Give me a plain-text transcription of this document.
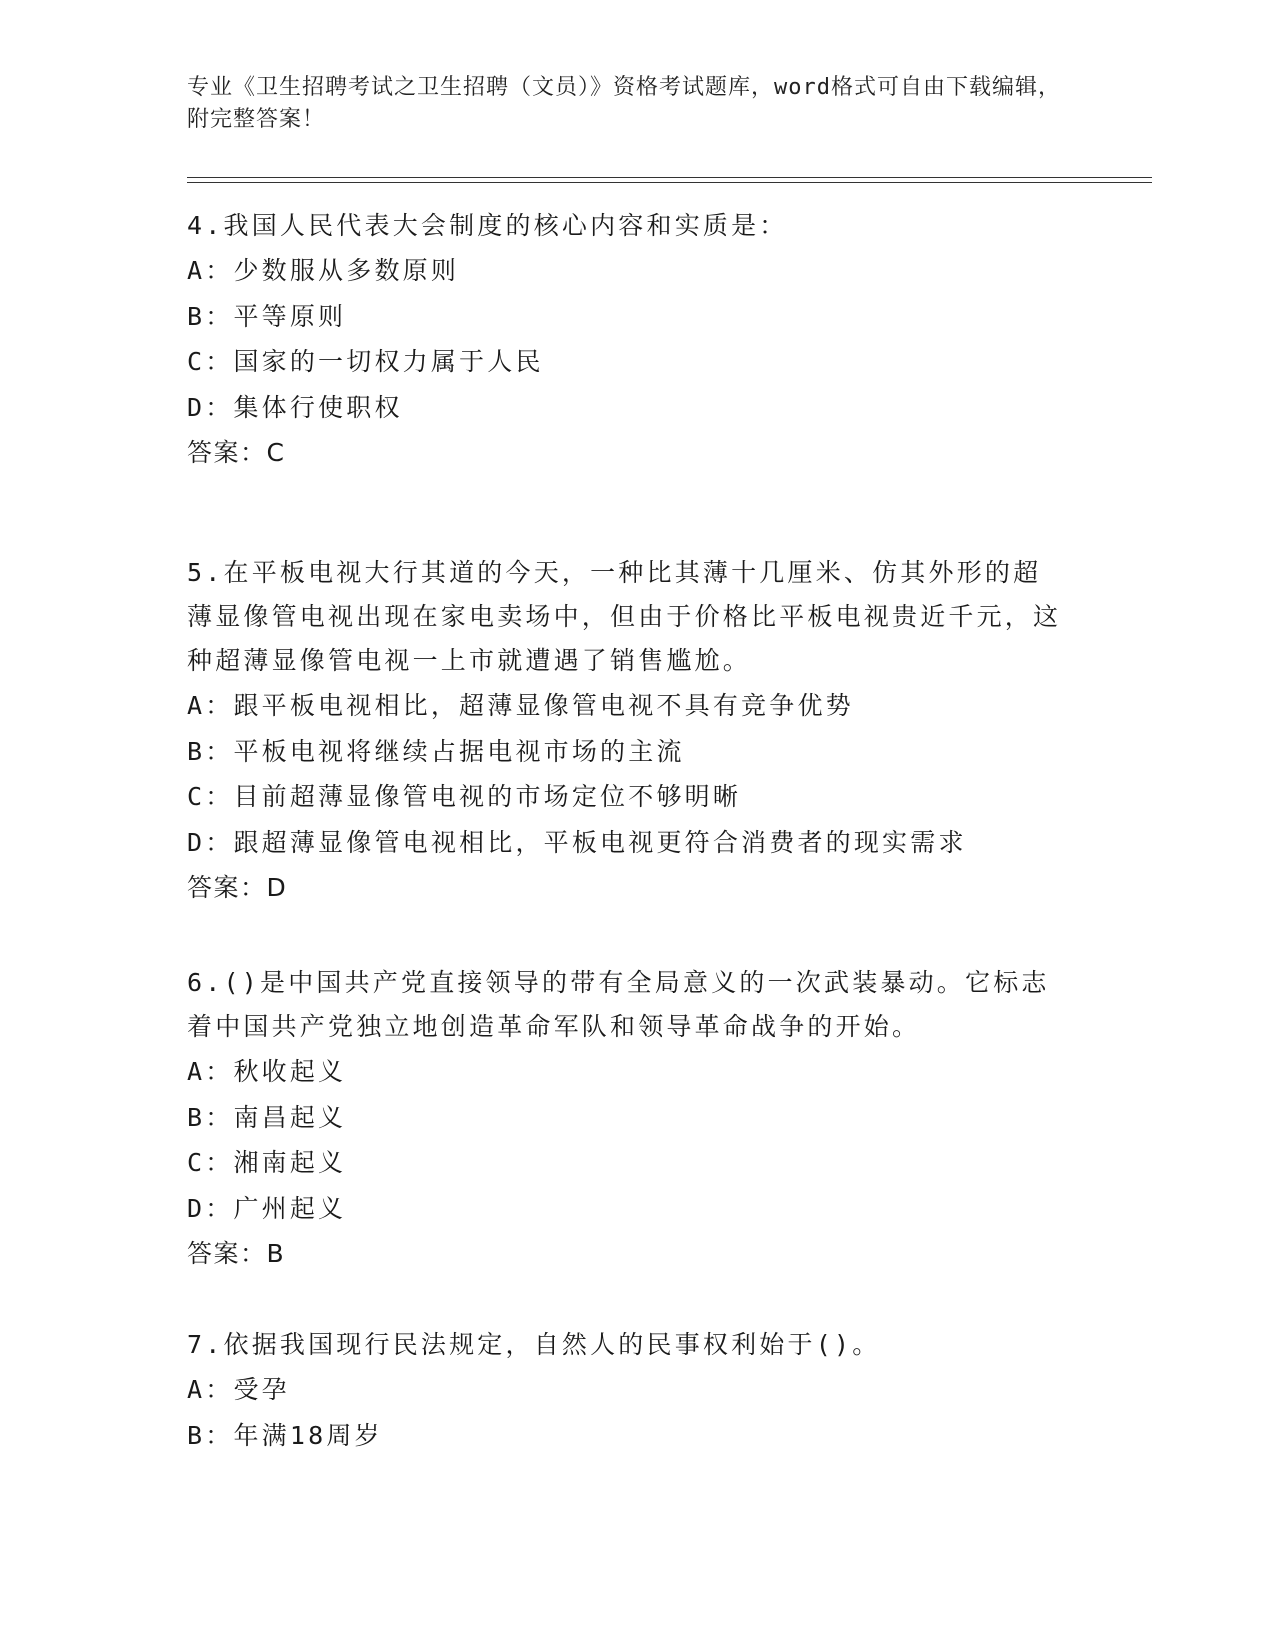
专业《卫生招聘考试之卫生招聘（文员）》资格考试题库，word格式可自由下载编辑，附完整答案！

4.我国人民代表大会制度的核心内容和实质是：

A：少数服从多数原则

B：平等原则

C：国家的一切权力属于人民

D：集体行使职权

答案：C

5.在平板电视大行其道的今天，一种比其薄十几厘米、仿其外形的超薄显像管电视出现在家电卖场中，但由于价格比平板电视贵近千元，这种超薄显像管电视一上市就遭遇了销售尴尬。

A：跟平板电视相比，超薄显像管电视不具有竞争优势

B：平板电视将继续占据电视市场的主流

C：目前超薄显像管电视的市场定位不够明晰

D：跟超薄显像管电视相比，平板电视更符合消费者的现实需求

答案：D

6.()是中国共产党直接领导的带有全局意义的一次武装暴动。它标志着中国共产党独立地创造革命军队和领导革命战争的开始。

A：秋收起义

B：南昌起义

C：湘南起义

D：广州起义

答案：B

7.依据我国现行民法规定，自然人的民事权利始于()。

A：受孕

B：年满18周岁
